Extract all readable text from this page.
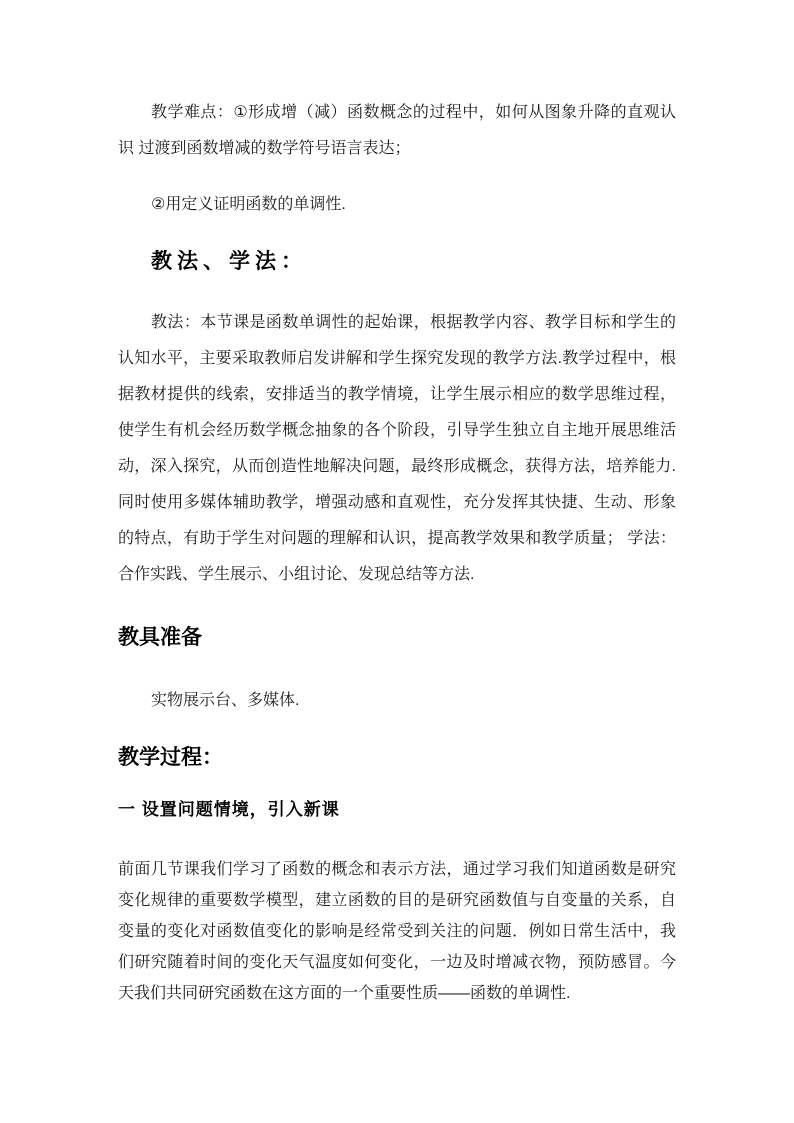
教学难点：①形成增（减）函数概念的过程中，如何从图象升降的直观认
识 过渡到函数增减的数学符号语言表达；
②用定义证明函数的单调性.
教法、学法：
教法：本节课是函数单调性的起始课，根据教学内容、教学目标和学生的
认知水平，主要采取教师启发讲解和学生探究发现的教学方法.教学过程中，根
据教材提供的线索，安排适当的教学情境，让学生展示相应的数学思维过程，
使学生有机会经历数学概念抽象的各个阶段，引导学生独立自主地开展思维活
动，深入探究，从而创造性地解决问题，最终形成概念，获得方法，培养能力.
同时使用多媒体辅助教学，增强动感和直观性，充分发挥其快捷、生动、形象
的特点，有助于学生对问题的理解和认识，提高教学效果和教学质量； 学法：
合作实践、学生展示、小组讨论、发现总结等方法.
教具准备
实物展示台、多媒体.
教学过程：
一 设置问题情境，引入新课
前面几节课我们学习了函数的概念和表示方法，通过学习我们知道函数是研究
变化规律的重要数学模型，建立函数的目的是研究函数值与自变量的关系，自
变量的变化对函数值变化的影响是经常受到关注的问题．例如日常生活中，我
们研究随着时间的变化天气温度如何变化，一边及时增减衣物，预防感冒。今
天我们共同研究函数在这方面的一个重要性质——函数的单调性.
